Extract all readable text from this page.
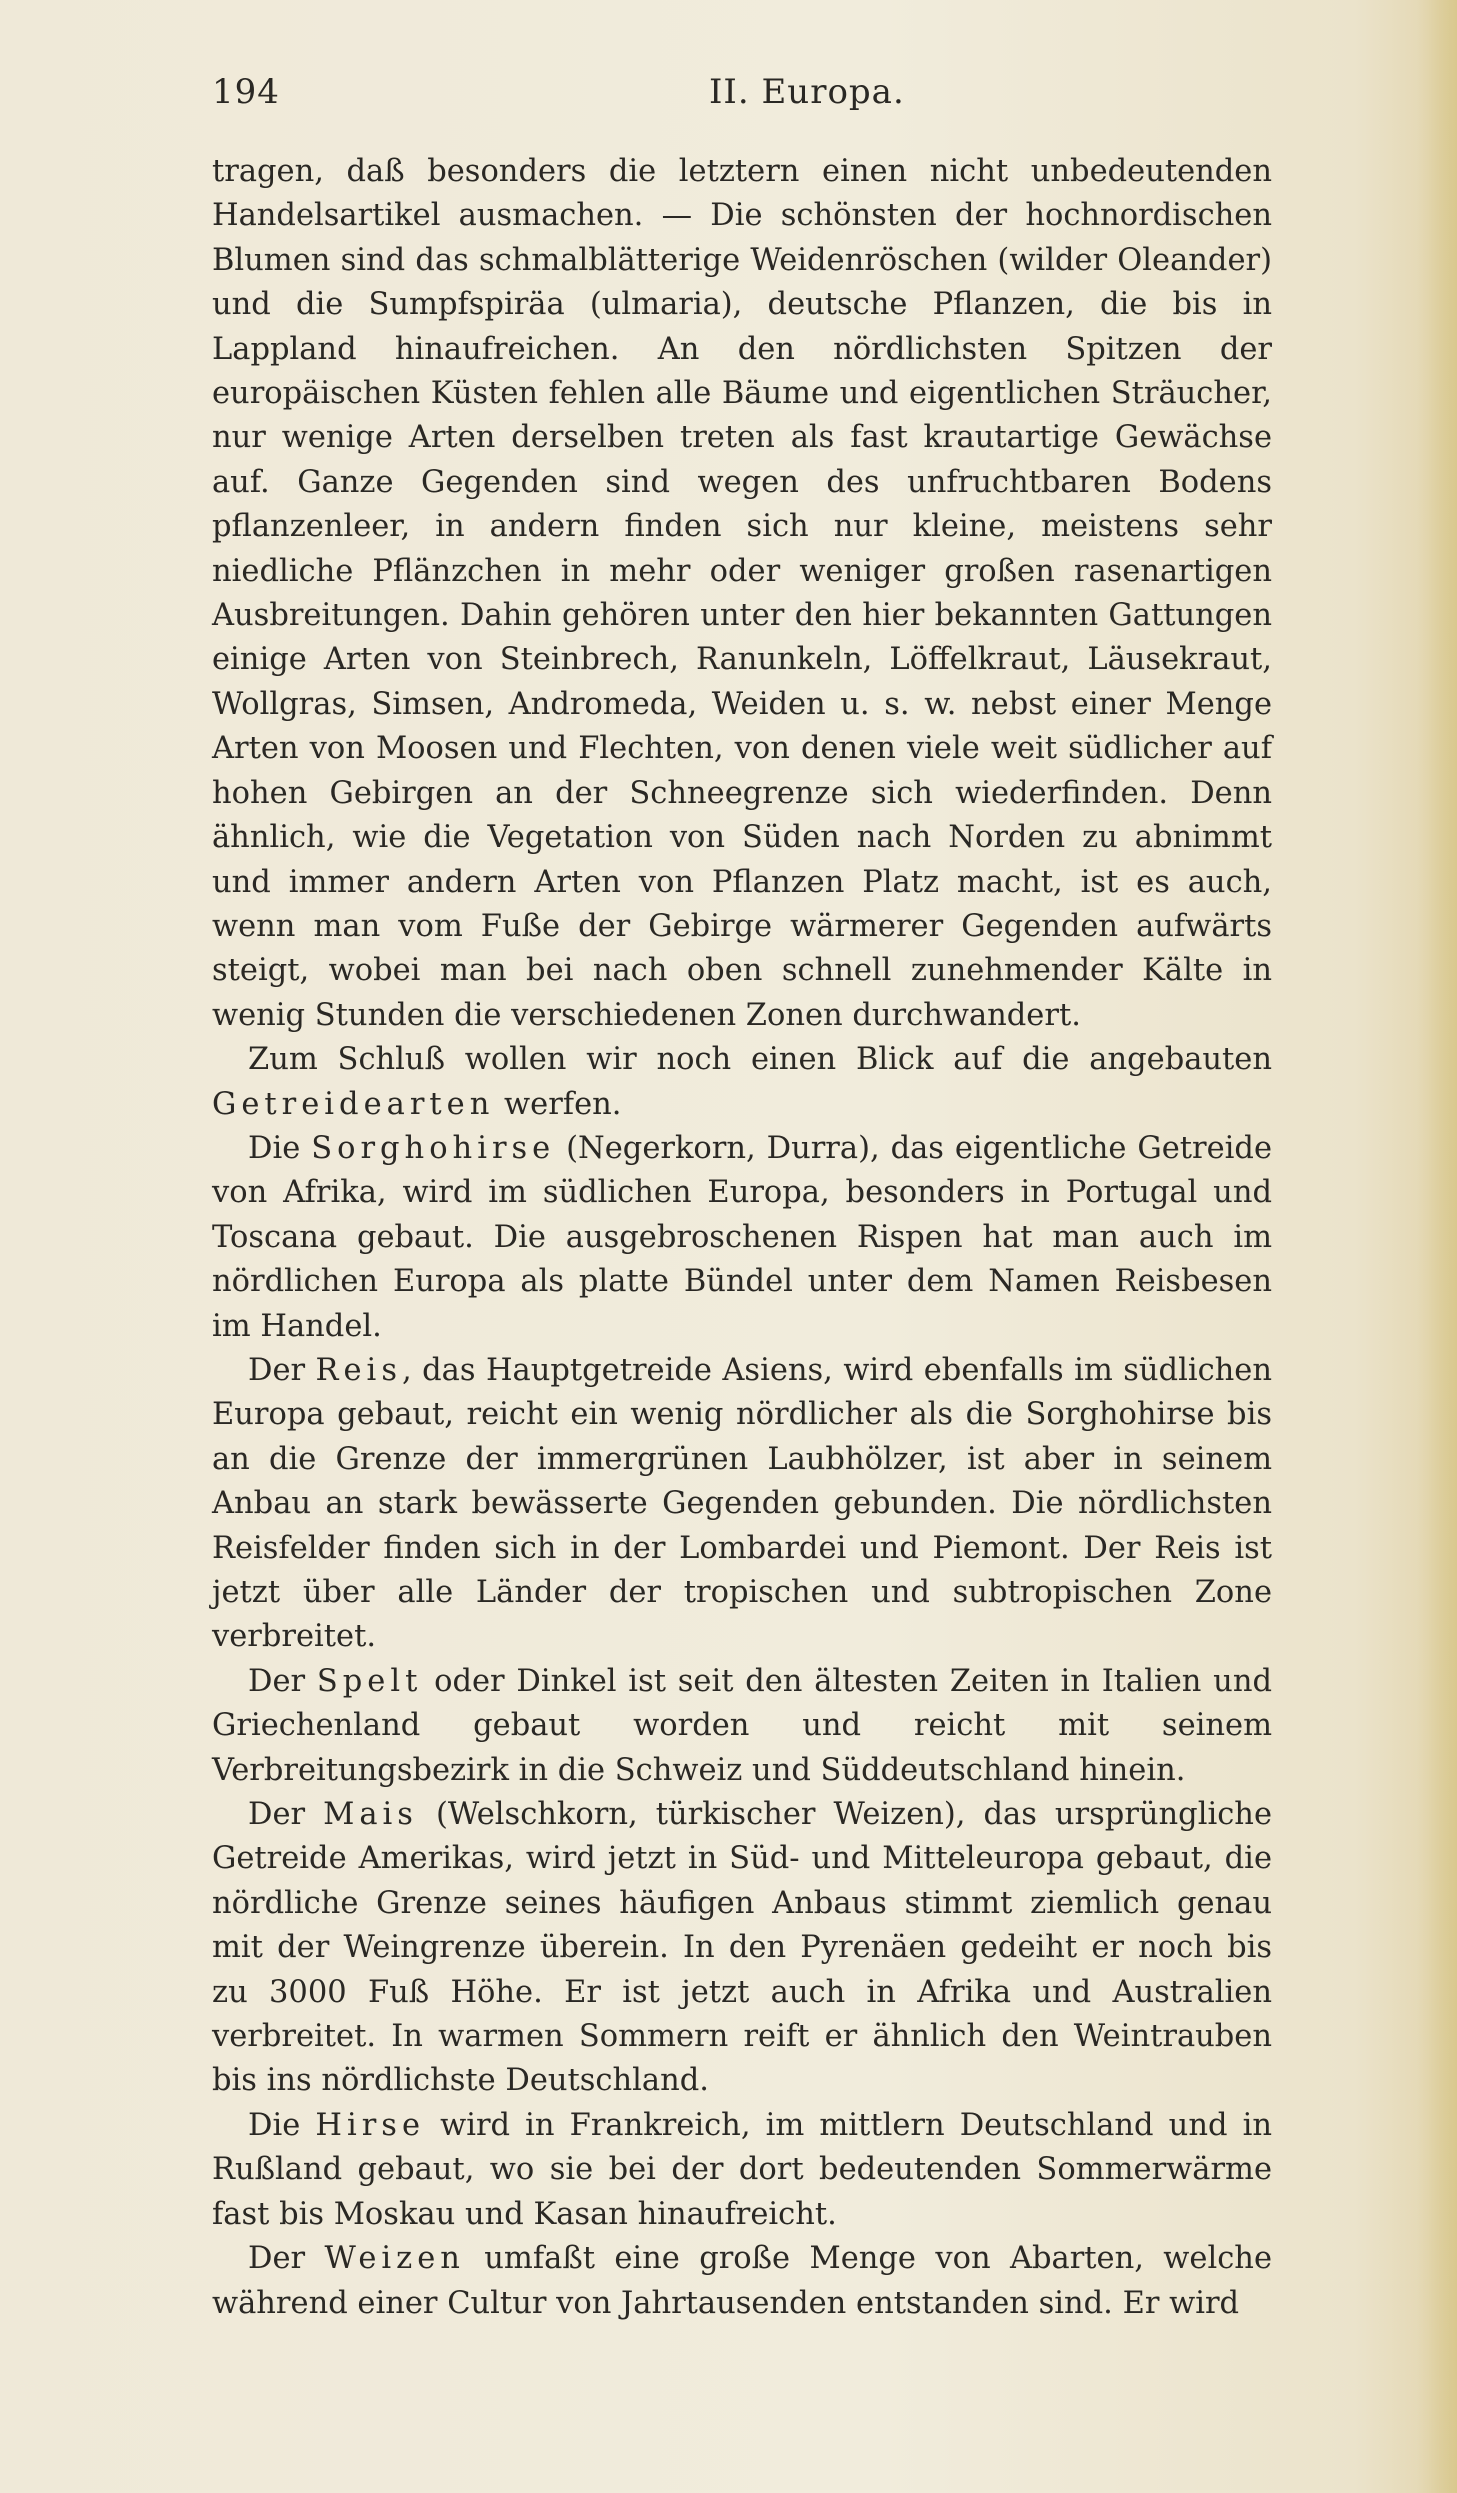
194	II. Europa.

tragen, daß besonders die letztern einen nicht unbedeutenden Handelsartikel ausmachen. — Die schönsten der hochnordischen Blumen sind das schmalblätterige Weidenröschen (wilder Oleander) und die Sumpfspiräa (ulmaria), deutsche Pflanzen, die bis in Lappland hinaufreichen. An den nördlichsten Spitzen der europäischen Küsten fehlen alle Bäume und eigentlichen Sträucher, nur wenige Arten derselben treten als fast krautartige Gewächse auf. Ganze Gegenden sind wegen des unfruchtbaren Bodens pflanzenleer, in andern finden sich nur kleine, meistens sehr niedliche Pflänzchen in mehr oder weniger großen rasenartigen Ausbreitungen. Dahin gehören unter den hier bekannten Gattungen einige Arten von Steinbrech, Ranunkeln, Löffelkraut, Läusekraut, Wollgras, Simsen, Andromeda, Weiden u. s. w. nebst einer Menge Arten von Moosen und Flechten, von denen viele weit südlicher auf hohen Gebirgen an der Schneegrenze sich wiederfinden. Denn ähnlich, wie die Vegetation von Süden nach Norden zu abnimmt und immer andern Arten von Pflanzen Platz macht, ist es auch, wenn man vom Fuße der Gebirge wärmerer Gegenden aufwärts steigt, wobei man bei nach oben schnell zunehmender Kälte in wenig Stunden die verschiedenen Zonen durchwandert.

Zum Schluß wollen wir noch einen Blick auf die angebauten Getreidearten werfen.

Die Sorghohirse (Negerkorn, Durra), das eigentliche Getreide von Afrika, wird im südlichen Europa, besonders in Portugal und Toscana gebaut. Die ausgebroschenen Rispen hat man auch im nördlichen Europa als platte Bündel unter dem Namen Reisbesen im Handel.

Der Reis, das Hauptgetreide Asiens, wird ebenfalls im südlichen Europa gebaut, reicht ein wenig nördlicher als die Sorghohirse bis an die Grenze der immergrünen Laubhölzer, ist aber in seinem Anbau an stark bewässerte Gegenden gebunden. Die nördlichsten Reisfelder finden sich in der Lombardei und Piemont. Der Reis ist jetzt über alle Länder der tropischen und subtropischen Zone verbreitet.

Der Spelt oder Dinkel ist seit den ältesten Zeiten in Italien und Griechenland gebaut worden und reicht mit seinem Verbreitungsbezirk in die Schweiz und Süddeutschland hinein.

Der Mais (Welschkorn, türkischer Weizen), das ursprüngliche Getreide Amerikas, wird jetzt in Süd- und Mitteleuropa gebaut, die nördliche Grenze seines häufigen Anbaus stimmt ziemlich genau mit der Weingrenze überein. In den Pyrenäen gedeiht er noch bis zu 3000 Fuß Höhe. Er ist jetzt auch in Afrika und Australien verbreitet. In warmen Sommern reift er ähnlich den Weintrauben bis ins nördlichste Deutschland.

Die Hirse wird in Frankreich, im mittlern Deutschland und in Rußland gebaut, wo sie bei der dort bedeutenden Sommerwärme fast bis Moskau und Kasan hinaufreicht.

Der Weizen umfaßt eine große Menge von Abarten, welche während einer Cultur von Jahrtausenden entstanden sind. Er wird
